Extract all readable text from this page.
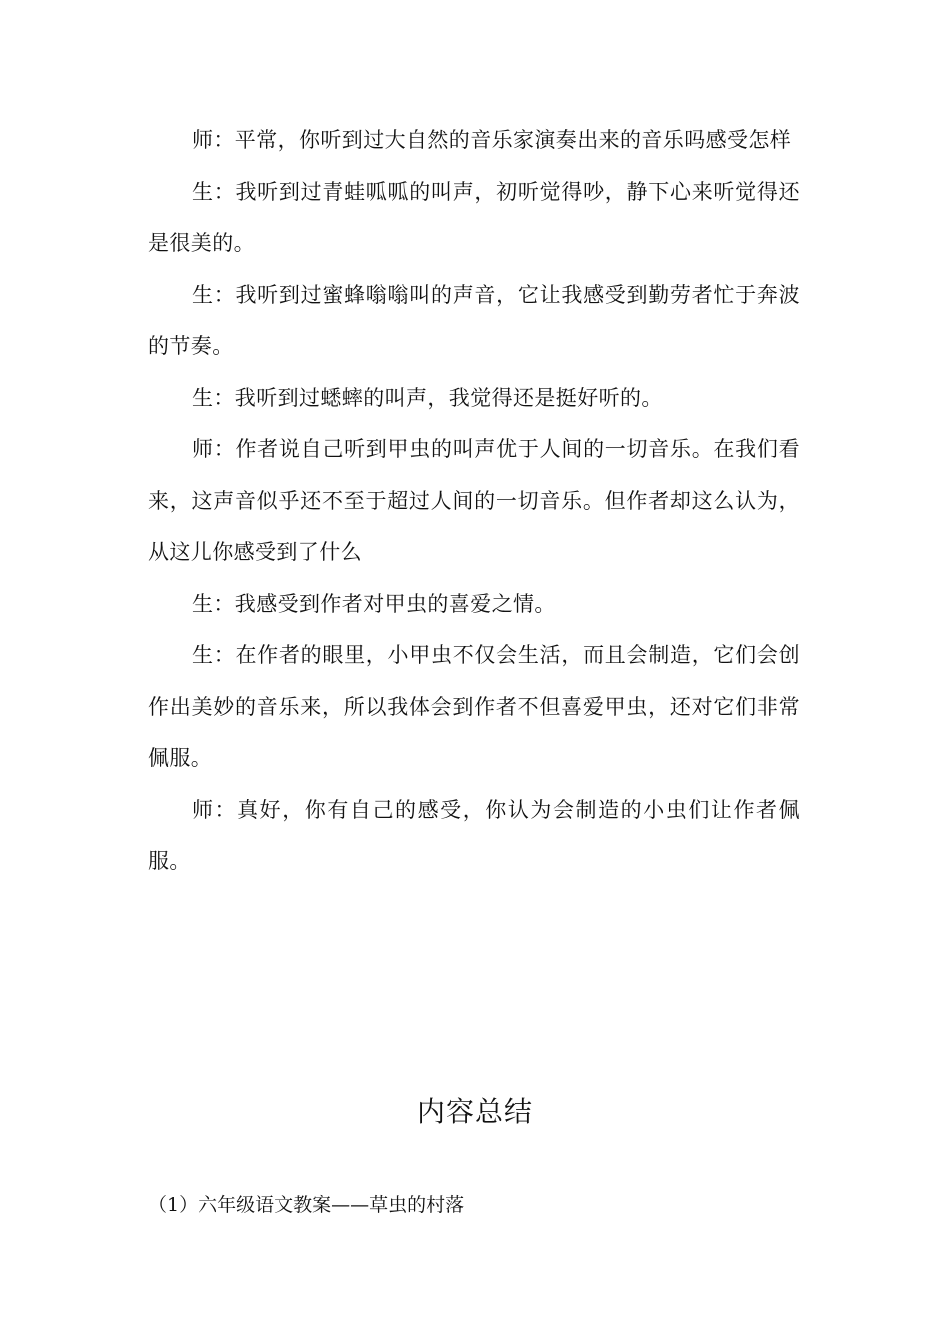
师：平常，你听到过大自然的音乐家演奏出来的音乐吗感受怎样

生：我听到过青蛙呱呱的叫声，初听觉得吵，静下心来听觉得还是很美的。

生：我听到过蜜蜂嗡嗡叫的声音，它让我感受到勤劳者忙于奔波的节奏。

生：我听到过蟋蟀的叫声，我觉得还是挺好听的。

师：作者说自己听到甲虫的叫声优于人间的一切音乐。在我们看来，这声音似乎还不至于超过人间的一切音乐。但作者却这么认为，从这儿你感受到了什么

生：我感受到作者对甲虫的喜爱之情。

生：在作者的眼里，小甲虫不仅会生活，而且会制造，它们会创作出美妙的音乐来，所以我体会到作者不但喜爱甲虫，还对它们非常佩服。

师：真好，你有自己的感受，你认为会制造的小虫们让作者佩服。

内容总结
（1）六年级语文教案——草虫的村落
